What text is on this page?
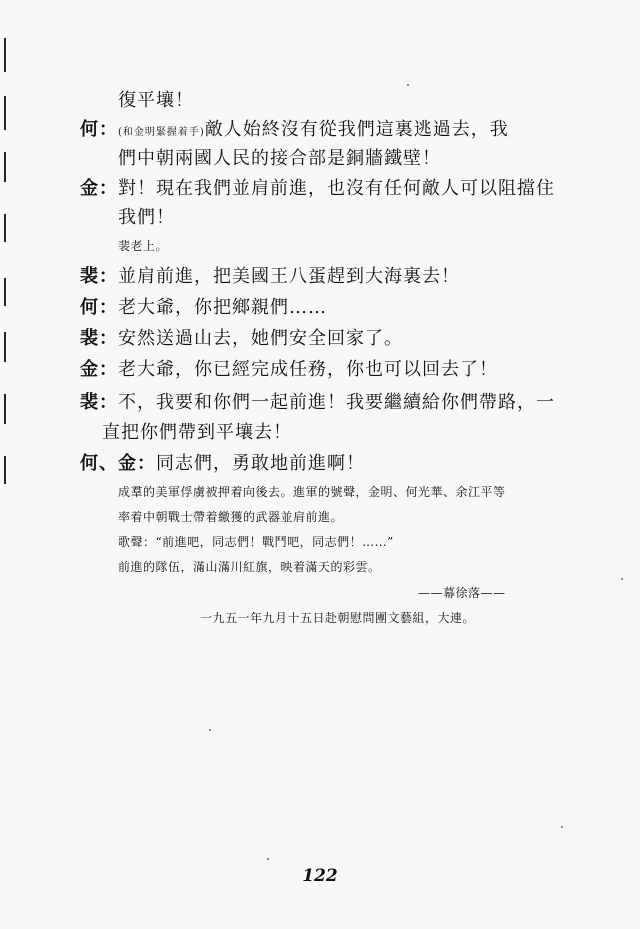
復平壤！
何：(和金明緊握着手)敵人始終沒有從我們這裏逃過去，我
們中朝兩國人民的接合部是銅牆鐵壁！
金：對！現在我們並肩前進，也沒有任何敵人可以阻擋住
我們！
裴老上。
裴：並肩前進，把美國王八蛋趕到大海裏去！
何：老大爺，你把鄉親們……
裴：安然送過山去，她們安全回家了。
金：老大爺，你已經完成任務，你也可以回去了！
裴：不，我要和你們一起前進！我要繼續給你們帶路，一
直把你們帶到平壤去！
何、金：同志們，勇敢地前進啊！
成羣的美軍俘虜被押着向後去。進軍的號聲，金明、何光華、余江平等
率着中朝戰士帶着繳獲的武器並肩前進。
歌聲：“前進吧，同志們！戰鬥吧，同志們！……”
前進的隊伍，滿山滿川紅旗，映着滿天的彩雲。
——幕徐落——
一九五一年九月十五日赴朝慰問團文藝組，大連。
122
